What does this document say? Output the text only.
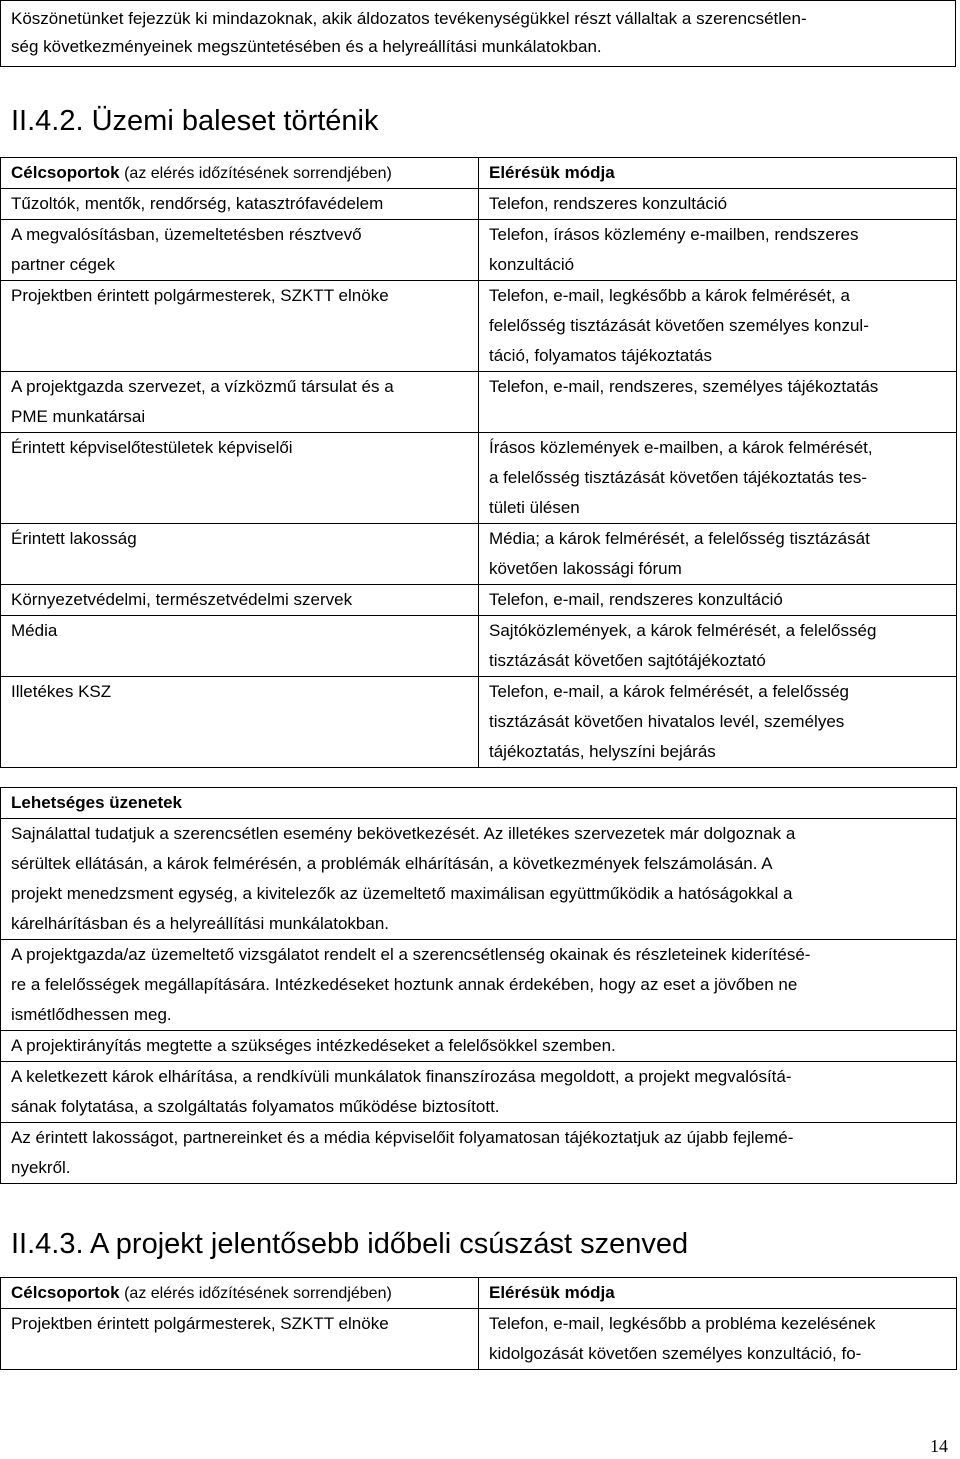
Köszönetünket fejezzük ki mindazoknak, akik áldozatos tevékenységükkel részt vállaltak a szerencsétlen-
ség következményeinek megszüntetésében és a helyreállítási munkálatokban.
II.4.2. Üzemi baleset történik
Célcsoportok (az elérés időzítésének sorrendjében)	Elérésük módja

Tűzoltók, mentők, rendőrség, katasztrófavédelem	Telefon, rendszeres konzultáció

A megvalósításban, üzemeltetésben résztvevő
partner cégek	Telefon, írásos közlemény e-mailben, rendszeres
konzultáció

Projektben érintett polgármesterek, SZKTT elnöke	Telefon, e-mail, legkésőbb a károk felmérését, a
felelősség tisztázását követően személyes konzul-
táció, folyamatos tájékoztatás

A projektgazda szervezet, a vízközmű társulat és a
PME munkatársai	Telefon, e-mail, rendszeres, személyes tájékoztatás

Érintett képviselőtestületek képviselői	Írásos közlemények e-mailben, a károk felmérését,
a felelősség tisztázását követően tájékoztatás tes-
tületi ülésen

Érintett lakosság	Média; a károk felmérését, a felelősség tisztázását
követően lakossági fórum

Környezetvédelmi, természetvédelmi szervek	Telefon, e-mail, rendszeres konzultáció

Média	Sajtóközlemények, a károk felmérését, a felelősség
tisztázását követően sajtótájékoztató

Illetékes KSZ	Telefon, e-mail, a károk felmérését, a felelősség
tisztázását követően hivatalos levél, személyes
tájékoztatás, helyszíni bejárás
Lehetséges üzenetek
Sajnálattal tudatjuk a szerencsétlen esemény bekövetkezését. Az illetékes szervezetek már dolgoznak a
sérültek ellátásán, a károk felmérésén, a problémák elhárításán, a következmények felszámolásán. A
projekt menedzsment egység, a kivitelezők az üzemeltető maximálisan együttműködik a hatóságokkal a
kárelhárításban és a helyreállítási munkálatokban.
A projektgazda/az üzemeltető vizsgálatot rendelt el a szerencsétlenség okainak és részleteinek kiderítésé-
re a felelősségek megállapítására. Intézkedéseket hoztunk annak érdekében, hogy az eset a jövőben ne
ismétlődhessen meg.
A projektirányítás megtette a szükséges intézkedéseket a felelősökkel szemben.
A keletkezett károk elhárítása, a rendkívüli munkálatok finanszírozása megoldott, a projekt megvalósítá-
sának folytatása, a szolgáltatás folyamatos működése biztosított.
Az érintett lakosságot, partnereinket és a média képviselőit folyamatosan tájékoztatjuk az újabb fejlemé-
nyekről.
II.4.3. A projekt jelentősebb időbeli csúszást szenved
Célcsoportok (az elérés időzítésének sorrendjében)	Elérésük módja

Projektben érintett polgármesterek, SZKTT elnöke	Telefon, e-mail, legkésőbb a probléma kezelésének
kidolgozását követően személyes konzultáció, fo-
14
